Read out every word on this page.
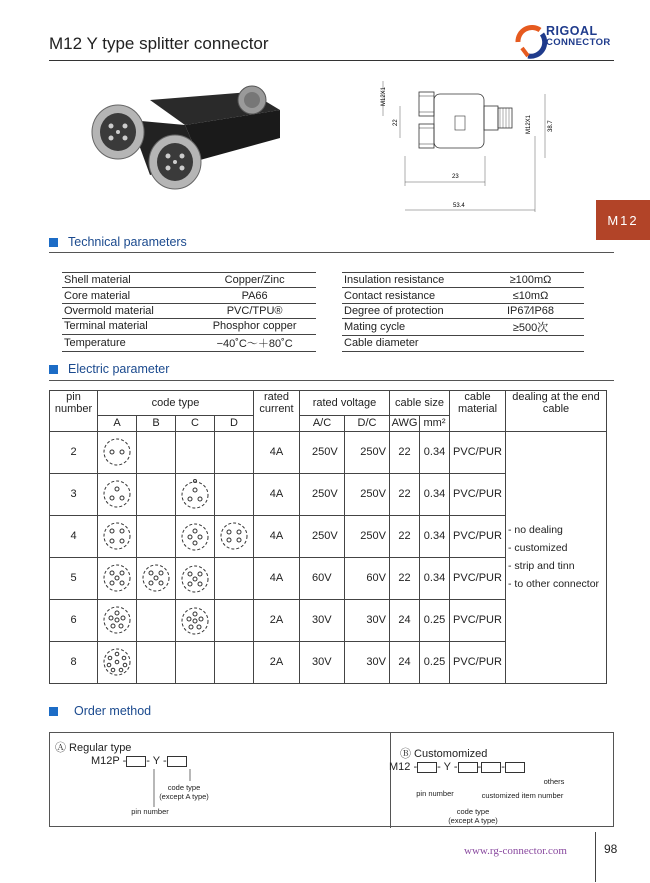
M12 Y type splitter connector
RIGOAL
CONNECTOR
M12X1
22	M12X1	38.7
23
53.4
M12
Technical parameters
Shell material	Copper/Zinc
Core material	PA66
Overmold material	PVC/TPU®
Terminal material	Phosphor copper
Temperature	−40˚C～＋80˚C
Insulation resistance	≥100mΩ
Contact resistance	≤10mΩ
Degree of protection	IP67∕IP68
Mating cycle	≥500次
Cable diameter	
Electric parameter
pin number	code type				rated current	rated voltage		cable size		cable material	dealing at the end cable
	A	B	C	D		A/C	D/C	AWG	mm²		
2					4A	250V	250V	22	0.34	PVC/PUR	- no dealing
- customized
- strip and tinn
- to other connector

3					4A	250V	250V	22	0.34	PVC/PUR	
4					4A	250V	250V	22	0.34	PVC/PUR	
5					4A	60V	60V	22	0.34	PVC/PUR	
6					2A	30V	30V	24	0.25	PVC/PUR	
8					2A	30V	30V	24	0.25	PVC/PUR	
Order method
Ⓐ Regular type
M12P - - Y -
code type
(except A type)
pin number
Ⓑ Customomized
M12 - - Y - - -
others
pin number	customized item number
code type
(except A type)
www.rg-connector.com	98
